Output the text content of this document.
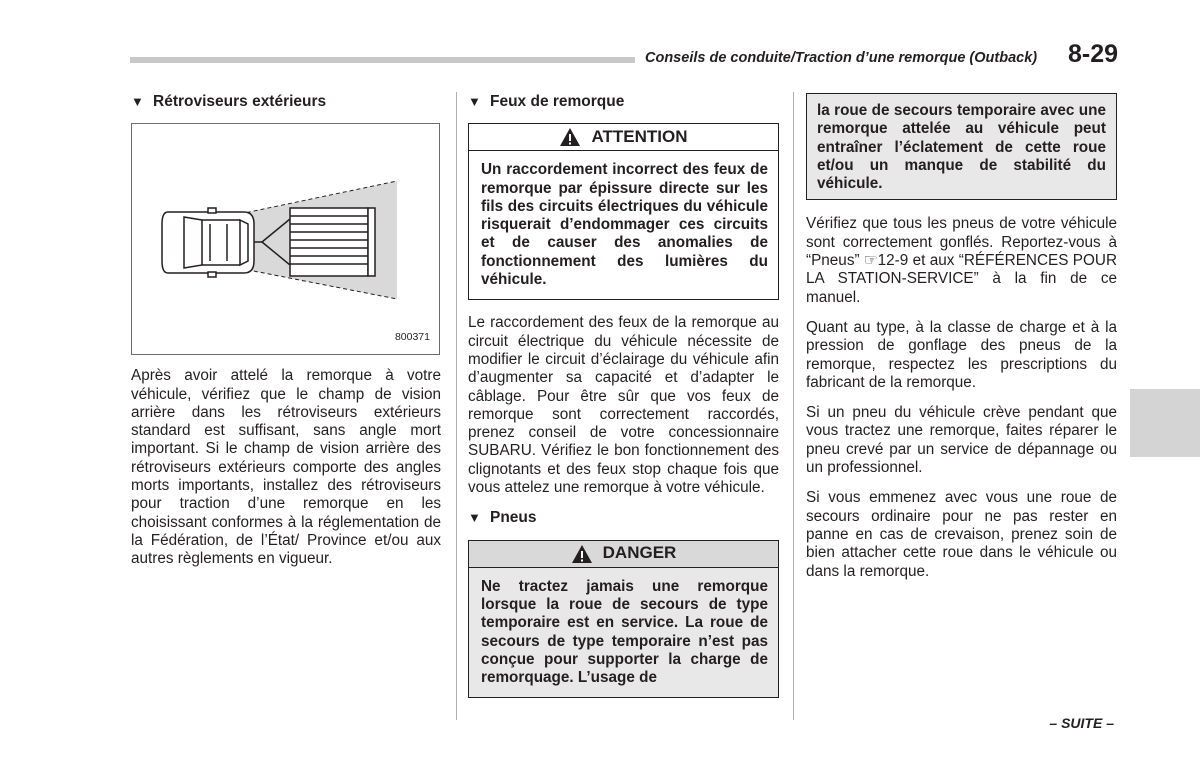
Conseils de conduite/Traction d’une remorque (Outback) 8-29
▼ Rétroviseurs extérieurs
800371

Après avoir attelé la remorque à votre véhicule, vérifiez que le champ de vision arrière dans les rétroviseurs extérieurs standard est suffisant, sans angle mort important. Si le champ de vision arrière des rétroviseurs extérieurs comporte des angles morts importants, installez des rétroviseurs pour traction d’une remorque en les choisissant conformes à la réglementation de la Fédération, de l’État/ Province et/ou aux autres règlements en vigueur.

▼ Feux de remorque
ATTENTION
Un raccordement incorrect des feux de remorque par épissure directe sur les fils des circuits électriques du véhicule risquerait d’endommager ces circuits et de causer des anomalies de fonctionnement des lumières du véhicule.

Le raccordement des feux de la remorque au circuit électrique du véhicule nécessite de modifier le circuit d’éclairage du véhicule afin d’augmenter sa capacité et d’adapter le câblage. Pour être sûr que vos feux de remorque sont correctement raccordés, prenez conseil de votre concessionnaire SUBARU. Vérifiez le bon fonctionnement des clignotants et des feux stop chaque fois que vous attelez une remorque à votre véhicule.

▼ Pneus
DANGER
Ne tractez jamais une remorque lorsque la roue de secours de type temporaire est en service. La roue de secours de type temporaire n’est pas conçue pour supporter la charge de remorquage. L’usage de
la roue de secours temporaire avec une remorque attelée au véhicule peut entraîner l’éclatement de cette roue et/ou un manque de stabilité du véhicule.

Vérifiez que tous les pneus de votre véhicule sont correctement gonflés. Reportez-vous à “Pneus” ☞12-9 et aux “RÉFÉRENCES POUR LA STATION-SERVICE” à la fin de ce manuel.

Quant au type, à la classe de charge et à la pression de gonflage des pneus de la remorque, respectez les prescriptions du fabricant de la remorque.

Si un pneu du véhicule crève pendant que vous tractez une remorque, faites réparer le pneu crevé par un service de dépannage ou un professionnel.

Si vous emmenez avec vous une roue de secours ordinaire pour ne pas rester en panne en cas de crevaison, prenez soin de bien attacher cette roue dans le véhicule ou dans la remorque.

– SUITE –
